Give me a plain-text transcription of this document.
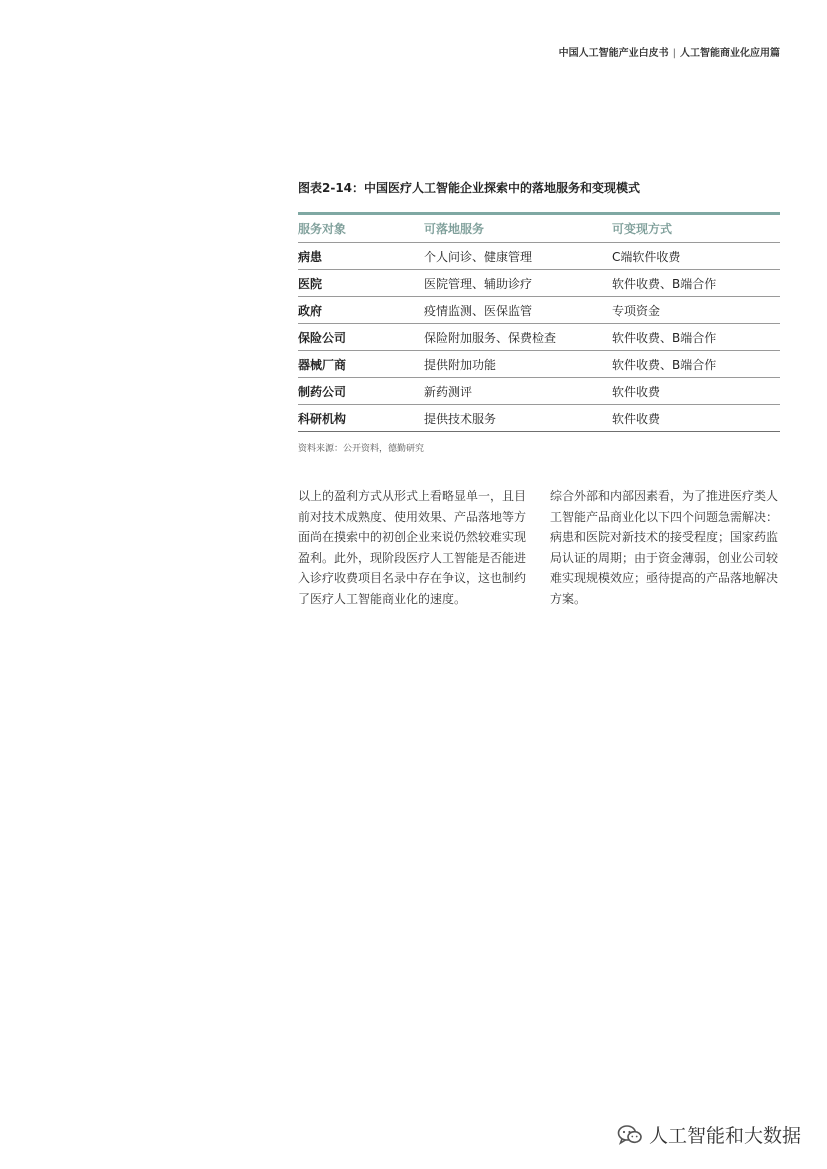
中国人工智能产业白皮书 | 人工智能商业化应用篇
图表2-14：中国医疗人工智能企业探索中的落地服务和变现模式
服务对象	可落地服务	可变现方式
病患	个人问诊、健康管理	C端软件收费
医院	医院管理、辅助诊疗	软件收费、B端合作
政府	疫情监测、医保监管	专项资金
保险公司	保险附加服务、保费检查	软件收费、B端合作
器械厂商	提供附加功能	软件收费、B端合作
制药公司	新药测评	软件收费
科研机构	提供技术服务	软件收费
资料来源：公开资料，德勤研究
以上的盈利方式从形式上看略显单一，且目前对技术成熟度、使用效果、产品落地等方面尚在摸索中的初创企业来说仍然较难实现盈利。此外，现阶段医疗人工智能是否能进入诊疗收费项目名录中存在争议，这也制约了医疗人工智能商业化的速度。
综合外部和内部因素看，为了推进医疗类人工智能产品商业化以下四个问题急需解决：病患和医院对新技术的接受程度；国家药监局认证的周期；由于资金薄弱，创业公司较难实现规模效应；亟待提高的产品落地解决方案。
人工智能和大数据
